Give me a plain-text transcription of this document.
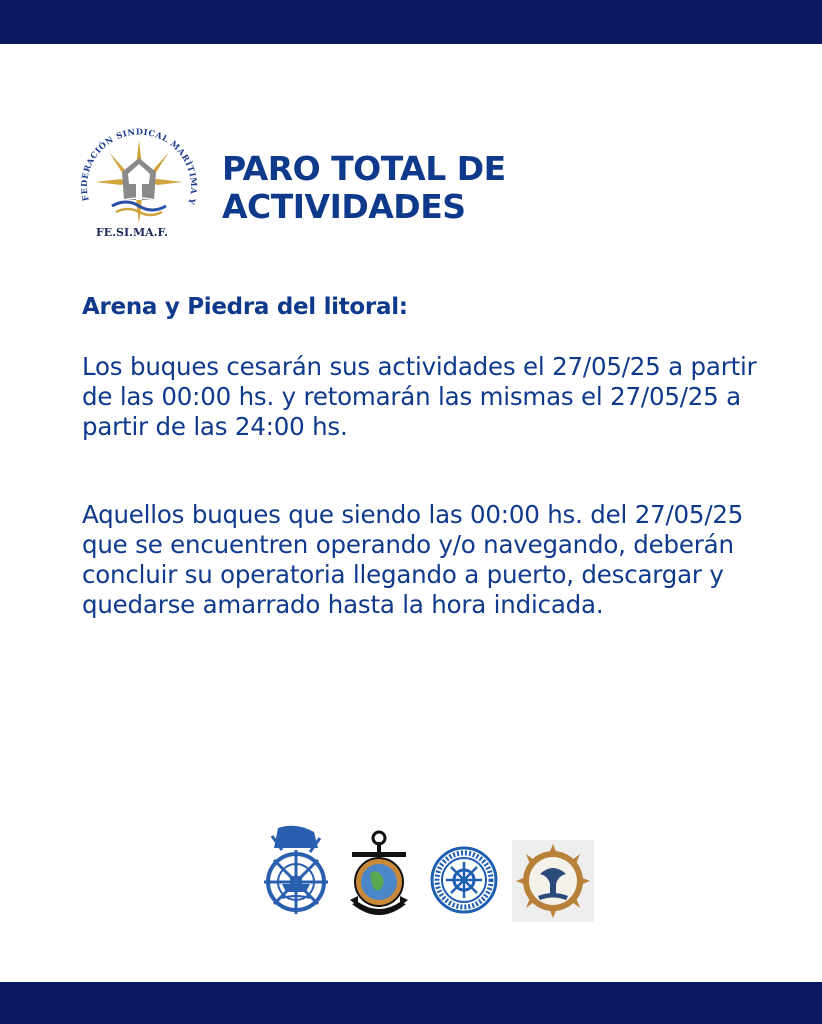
FEDERACIÓN SINDICAL MARÍTIMA Y
PARO TOTAL DE
ACTIVIDADES
FE.SI.MA.F.
Arena y Piedra del litoral:

Los buques cesarán sus actividades el 27/05/25 a partir de las 00:00 hs. y retomarán las mismas el 27/05/25 a partir de las 24:00 hs.

Aquellos buques que siendo las 00:00 hs. del 27/05/25 que se encuentren operando y/o navegando, deberán concluir su operatoria llegando a puerto, descargar y quedarse amarrado hasta la hora indicada.
